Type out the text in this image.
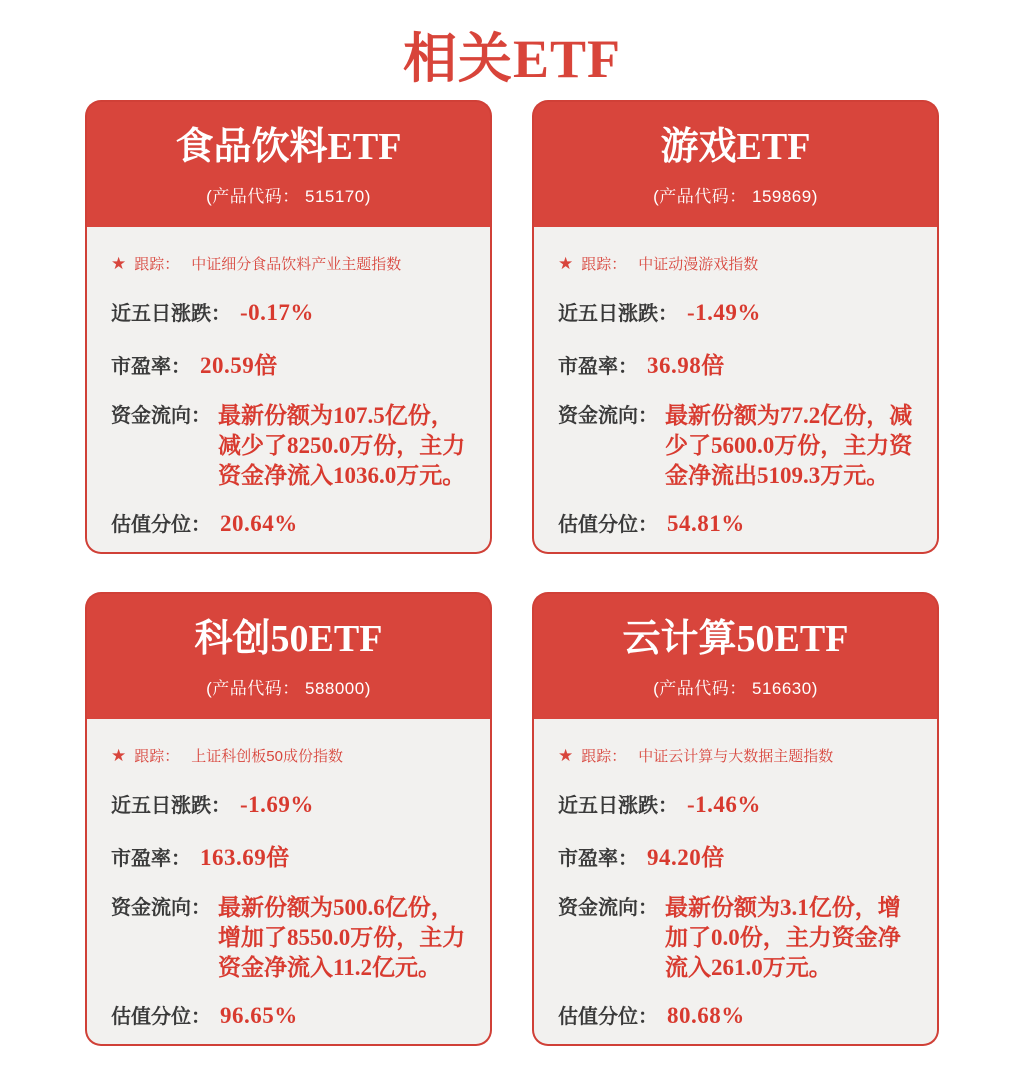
相关ETF
食品饮料ETF
(产品代码： 515170)
★ 跟踪： 中证细分食品饮料产业主题指数
近五日涨跌： -0.17%
市盈率： 20.59倍
资金流向： 最新份额为107.5亿份，减少了8250.0万份，主力资金净流入1036.0万元。
估值分位： 20.64%
游戏ETF
(产品代码： 159869)
★ 跟踪： 中证动漫游戏指数
近五日涨跌： -1.49%
市盈率： 36.98倍
资金流向： 最新份额为77.2亿份，减少了5600.0万份，主力资金净流出5109.3万元。
估值分位： 54.81%
科创50ETF
(产品代码： 588000)
★ 跟踪： 上证科创板50成份指数
近五日涨跌： -1.69%
市盈率： 163.69倍
资金流向： 最新份额为500.6亿份，增加了8550.0万份，主力资金净流入11.2亿元。
估值分位： 96.65%
云计算50ETF
(产品代码： 516630)
★ 跟踪： 中证云计算与大数据主题指数
近五日涨跌： -1.46%
市盈率： 94.20倍
资金流向： 最新份额为3.1亿份，增加了0.0份，主力资金净流入261.0万元。
估值分位： 80.68%
